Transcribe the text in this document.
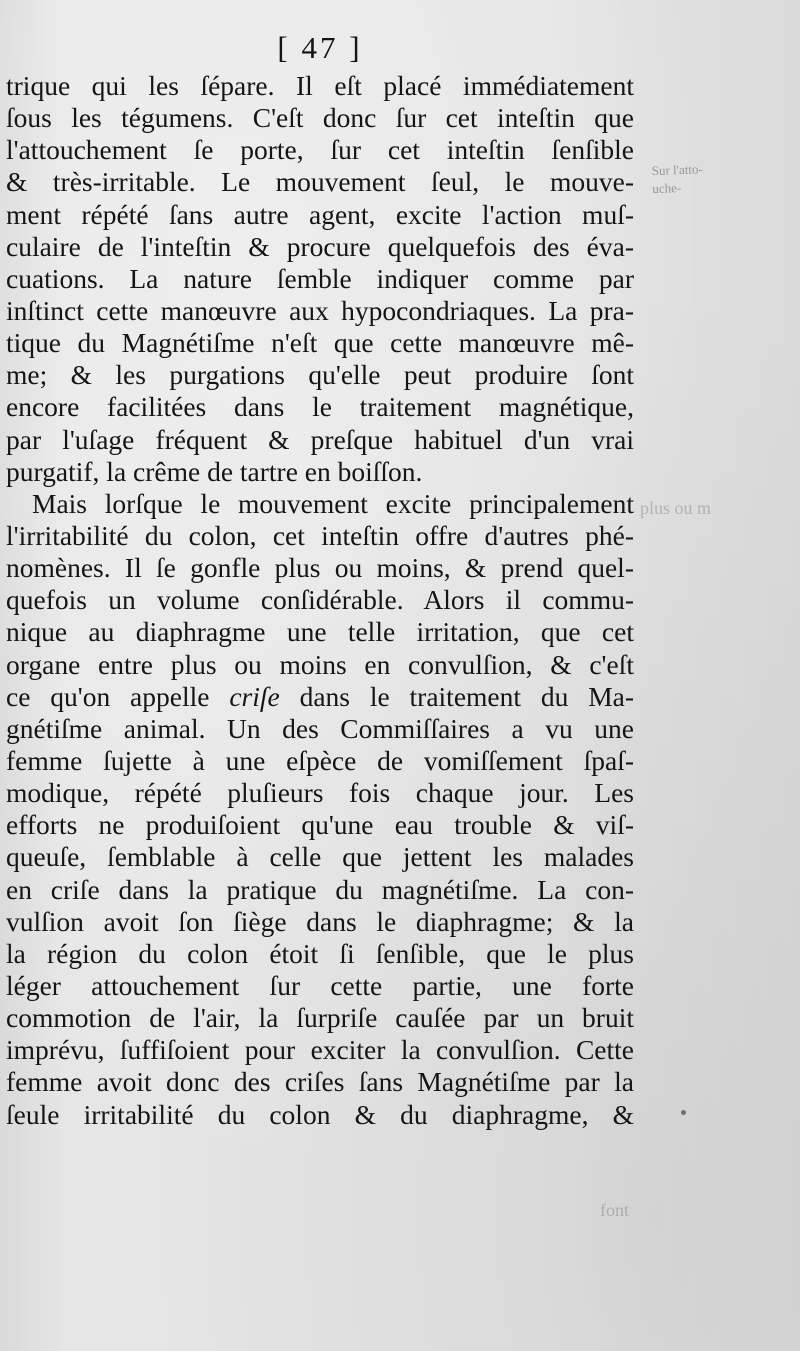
[ 47 ]
Sur l'atto-
uche-
plus ou m
font
trique qui les ſépare. Il eſt placé immédiatement
ſous les tégumens. C'eſt donc ſur cet inteſtin que
l'attouchement ſe porte, ſur cet inteſtin ſenſible
& très-irritable. Le mouvement ſeul, le mouve-
ment répété ſans autre agent, excite l'action muſ-
culaire de l'inteſtin & procure quelquefois des éva-
cuations. La nature ſemble indiquer comme par
inſtinct cette manœuvre aux hypocondriaques. La pra-
tique du Magnétiſme n'eſt que cette manœuvre mê-
me; & les purgations qu'elle peut produire ſont
encore facilitées dans le traitement magnétique,
par l'uſage fréquent & preſque habituel d'un vrai
purgatif, la crême de tartre en boiſſon.
Mais lorſque le mouvement excite principalement
l'irritabilité du colon, cet inteſtin offre d'autres phé-
nomènes. Il ſe gonfle plus ou moins, & prend quel-
quefois un volume conſidérable. Alors il commu-
nique au diaphragme une telle irritation, que cet
organe entre plus ou moins en convulſion, & c'eſt
ce qu'on appelle criſe dans le traitement du Ma-
gnétiſme animal. Un des Commiſſaires a vu une
femme ſujette à une eſpèce de vomiſſement ſpaſ-
modique, répété pluſieurs fois chaque jour. Les
efforts ne produiſoient qu'une eau trouble & viſ-
queuſe, ſemblable à celle que jettent les malades
en criſe dans la pratique du magnétiſme. La con-
vulſion avoit ſon ſiège dans le diaphragme; & la
la région du colon étoit ſi ſenſible, que le plus
léger attouchement ſur cette partie, une forte
commotion de l'air, la ſurpriſe cauſée par un bruit
imprévu, ſuffiſoient pour exciter la convulſion. Cette
femme avoit donc des criſes ſans Magnétiſme par la
ſeule irritabilité du colon & du diaphragme, &
